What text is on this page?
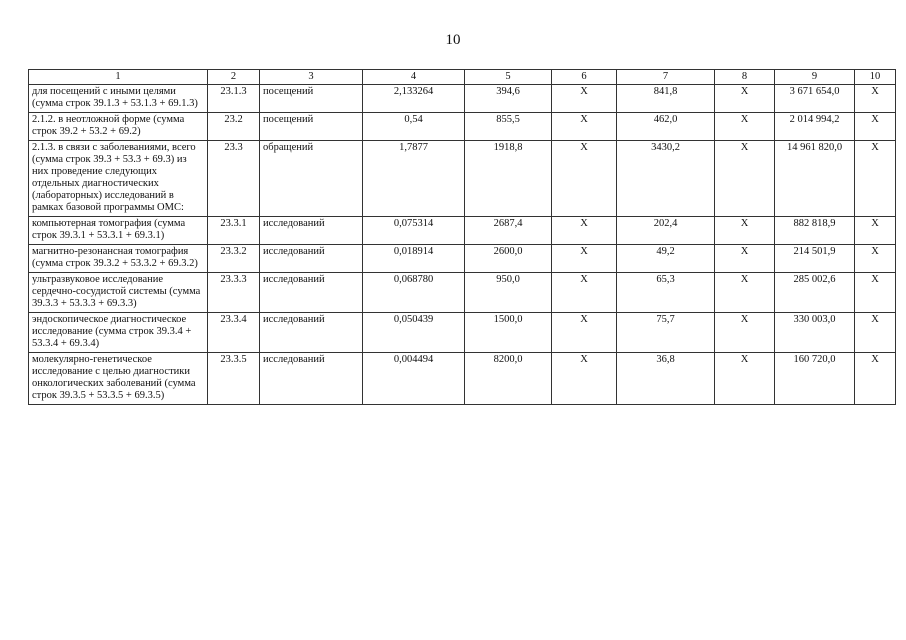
10
1	2	3	4	5	6	7	8	9	10
для посещений с иными целями (сумма строк 39.1.3 + 53.1.3 + 69.1.3)	23.1.3	посещений	2,133264	394,6	Х	841,8	Х	3 671 654,0	Х
2.1.2. в неотложной форме (сумма строк 39.2 + 53.2 + 69.2)	23.2	посещений	0,54	855,5	Х	462,0	Х	2 014 994,2	Х
2.1.3. в связи с заболеваниями, всего (сумма строк 39.3 + 53.3 + 69.3) из них проведение следующих отдельных диагностических (лабораторных) исследований в рамках базовой программы ОМС:	23.3	обращений	1,7877	1918,8	Х	3430,2	Х	14 961 820,0	Х
компьютерная томография (сумма строк 39.3.1 + 53.3.1 + 69.3.1)	23.3.1	исследований	0,075314	2687,4	Х	202,4	Х	882 818,9	Х
магнитно-резонансная томография (сумма строк 39.3.2 + 53.3.2 + 69.3.2)	23.3.2	исследований	0,018914	2600,0	Х	49,2	Х	214 501,9	Х
ультразвуковое исследование сердечно-сосудистой системы (сумма 39.3.3 + 53.3.3 + 69.3.3)	23.3.3	исследований	0,068780	950,0	Х	65,3	Х	285 002,6	Х
эндоскопическое диагностическое исследование (сумма строк 39.3.4 + 53.3.4 + 69.3.4)	23.3.4	исследований	0,050439	1500,0	Х	75,7	Х	330 003,0	Х
молекулярно-генетическое исследование с целью диагностики онкологических заболеваний (сумма строк 39.3.5 + 53.3.5 + 69.3.5)	23.3.5	исследований	0,004494	8200,0	Х	36,8	Х	160 720,0	Х
